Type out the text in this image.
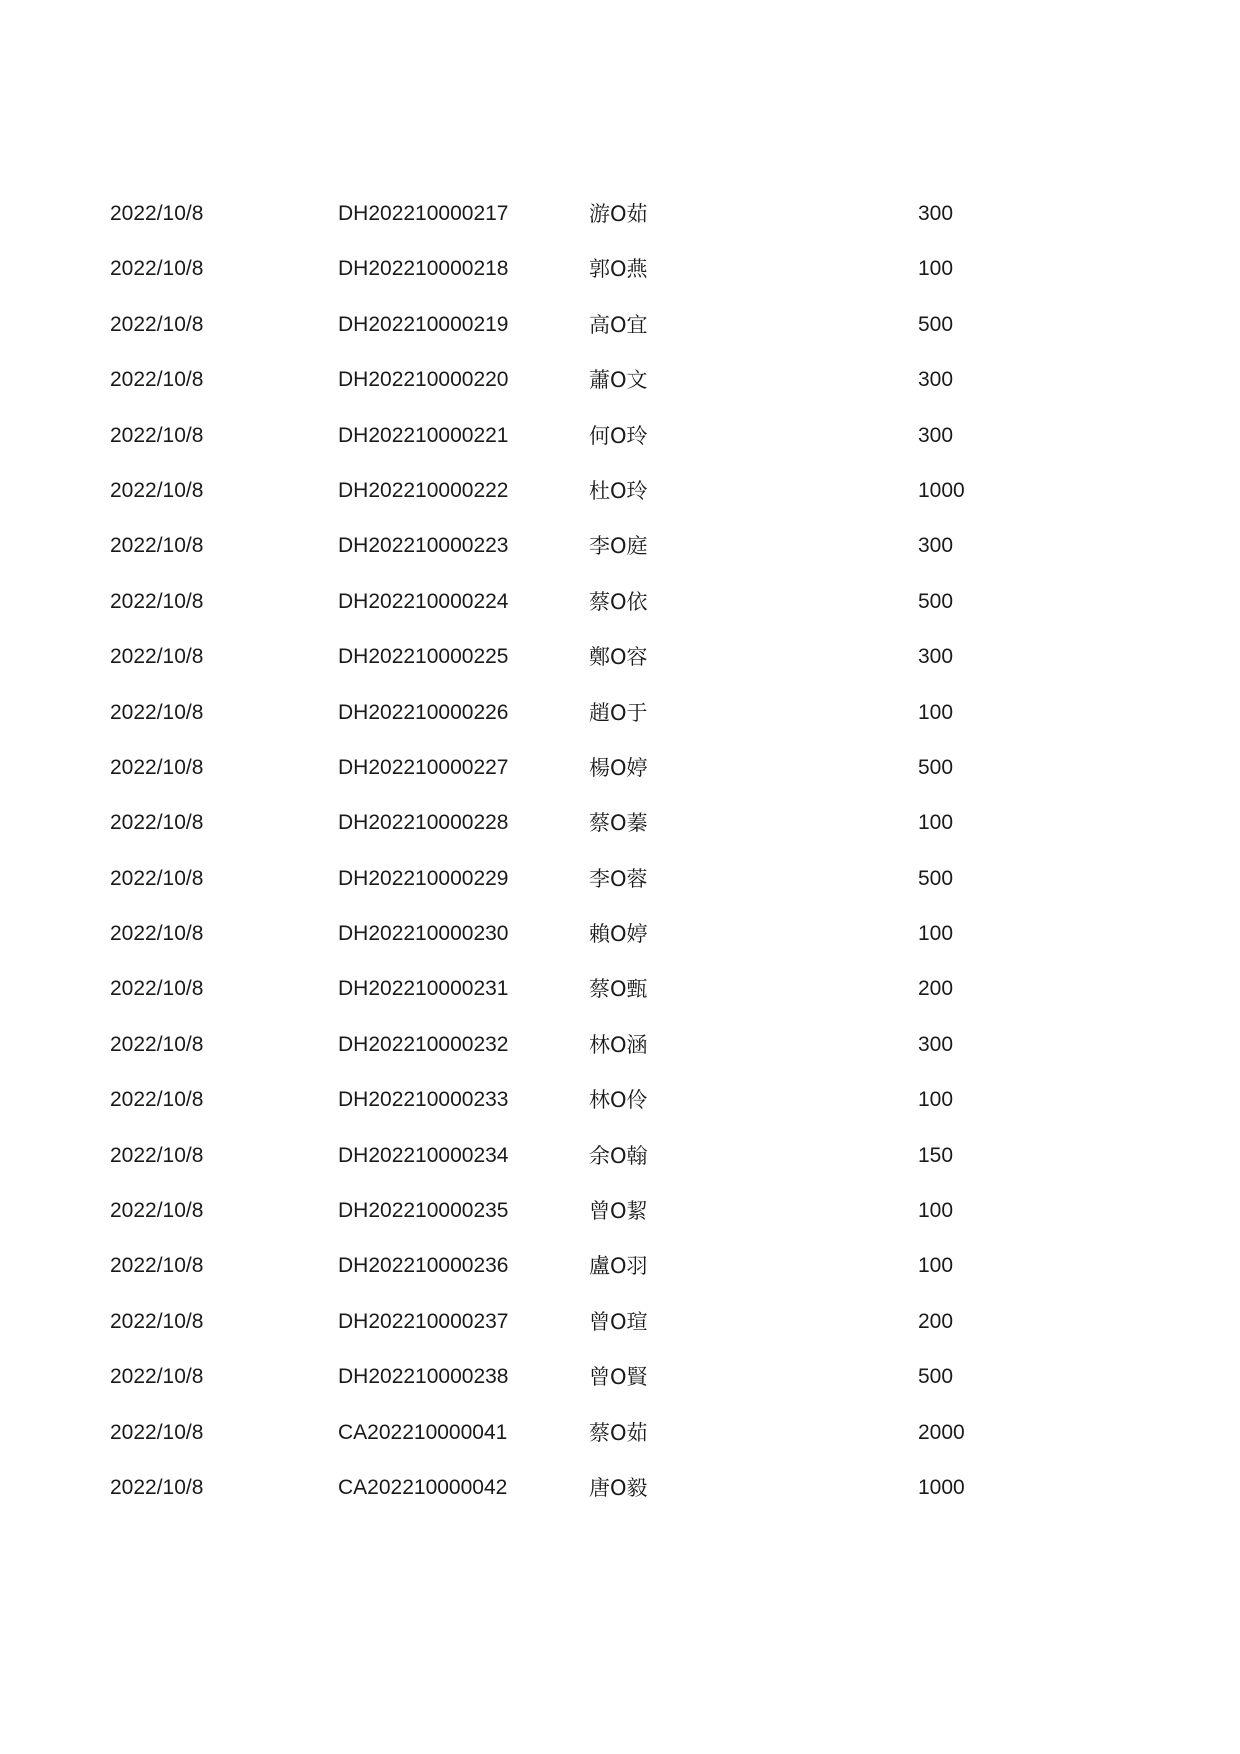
2022/10/8	DH202210000217	游O茹	300
2022/10/8	DH202210000218	郭O燕	100
2022/10/8	DH202210000219	高O宜	500
2022/10/8	DH202210000220	蕭O文	300
2022/10/8	DH202210000221	何O玲	300
2022/10/8	DH202210000222	杜O玲	1000
2022/10/8	DH202210000223	李O庭	300
2022/10/8	DH202210000224	蔡O依	500
2022/10/8	DH202210000225	鄭O容	300
2022/10/8	DH202210000226	趙O于	100
2022/10/8	DH202210000227	楊O婷	500
2022/10/8	DH202210000228	蔡O蓁	100
2022/10/8	DH202210000229	李O蓉	500
2022/10/8	DH202210000230	賴O婷	100
2022/10/8	DH202210000231	蔡O甄	200
2022/10/8	DH202210000232	林O涵	300
2022/10/8	DH202210000233	林O伶	100
2022/10/8	DH202210000234	余O翰	150
2022/10/8	DH202210000235	曾O絜	100
2022/10/8	DH202210000236	盧O羽	100
2022/10/8	DH202210000237	曾O瑄	200
2022/10/8	DH202210000238	曾O賢	500
2022/10/8	CA202210000041	蔡O茹	2000
2022/10/8	CA202210000042	唐O毅	1000
